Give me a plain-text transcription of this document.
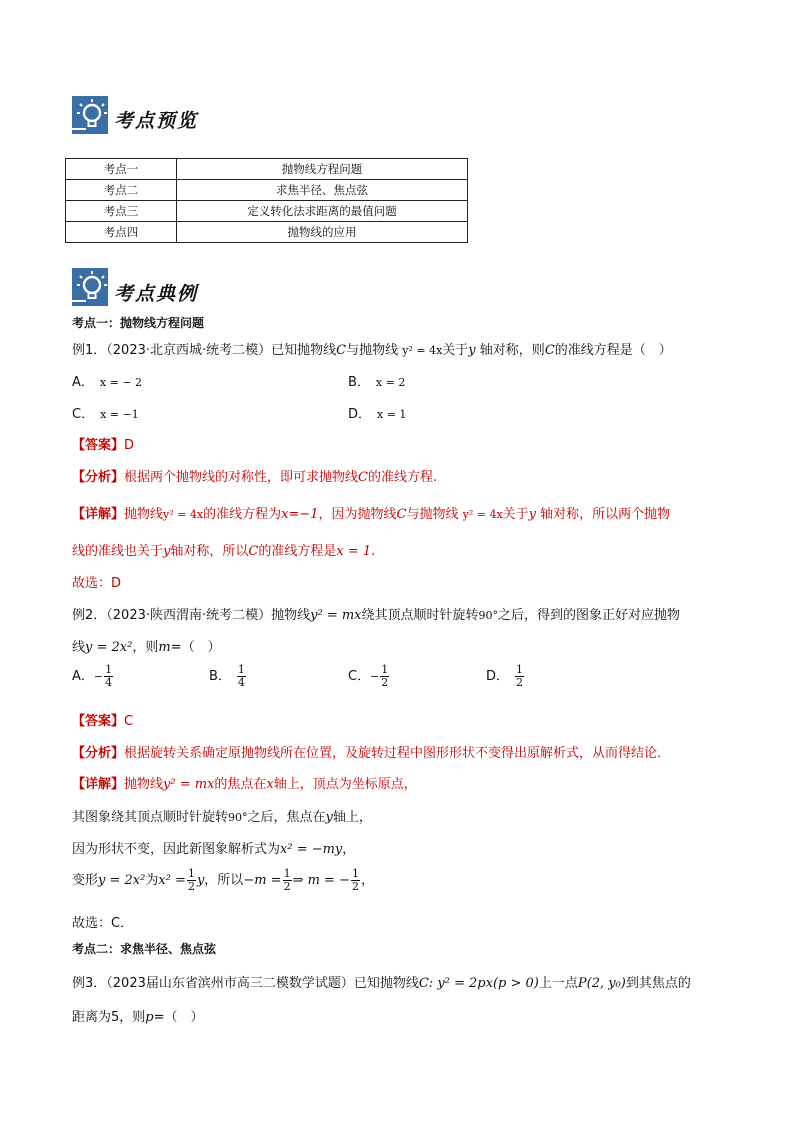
考点预览
考点一	抛物线方程问题
考点二	求焦半径、焦点弦
考点三	定义转化法求距离的最值问题
考点四	抛物线的应用
考点典例
考点一：抛物线方程问题
例1．（2023·北京西城·统考二模）已知抛物线C与抛物线 y² = 4x关于y 轴对称，则C的准线方程是（　）
A． x = − 2	B． x = 2
C． x = −1	D． x = 1
【答案】D
【分析】根据两个抛物线的对称性，即可求抛物线C的准线方程.
【详解】抛物线y² = 4x的准线方程为x=−1，因为抛物线C与抛物线 y² = 4x关于y 轴对称，所以两个抛物
线的准线也关于y轴对称，所以C的准线方程是x = 1.
故选：D
例2．（2023·陕西渭南·统考二模）抛物线y² = mx绕其顶点顺时针旋转90°之后，得到的图象正好对应抛物
线y = 2x²，则m=（　）
A．− $\frac{1}{4}$	B． $\frac{1}{4}$	C．− $\frac{1}{2}$	D． $\frac{1}{2}$
【答案】C
【分析】根据旋转关系确定原抛物线所在位置，及旋转过程中图形形状不变得出原解析式，从而得结论．
【详解】抛物线y² = mx的焦点在x轴上，顶点为坐标原点，
其图象绕其顶点顺时针旋转90°之后，焦点在y轴上，
因为形状不变，因此新图象解析式为x² = −my，
变形y = 2x²为$x^2 = \frac{1}{2}$ y，所以$-m = \frac{1}{2}$ ⇒ m = − $\frac{1}{2}$ ，
故选：C．
考点二：求焦半径、焦点弦
例3．（2023届山东省滨州市高三二模数学试题）已知抛物线C: y² = 2px(p > 0)上一点P(2, y₀)到其焦点的
距离为5，则p=（　）
